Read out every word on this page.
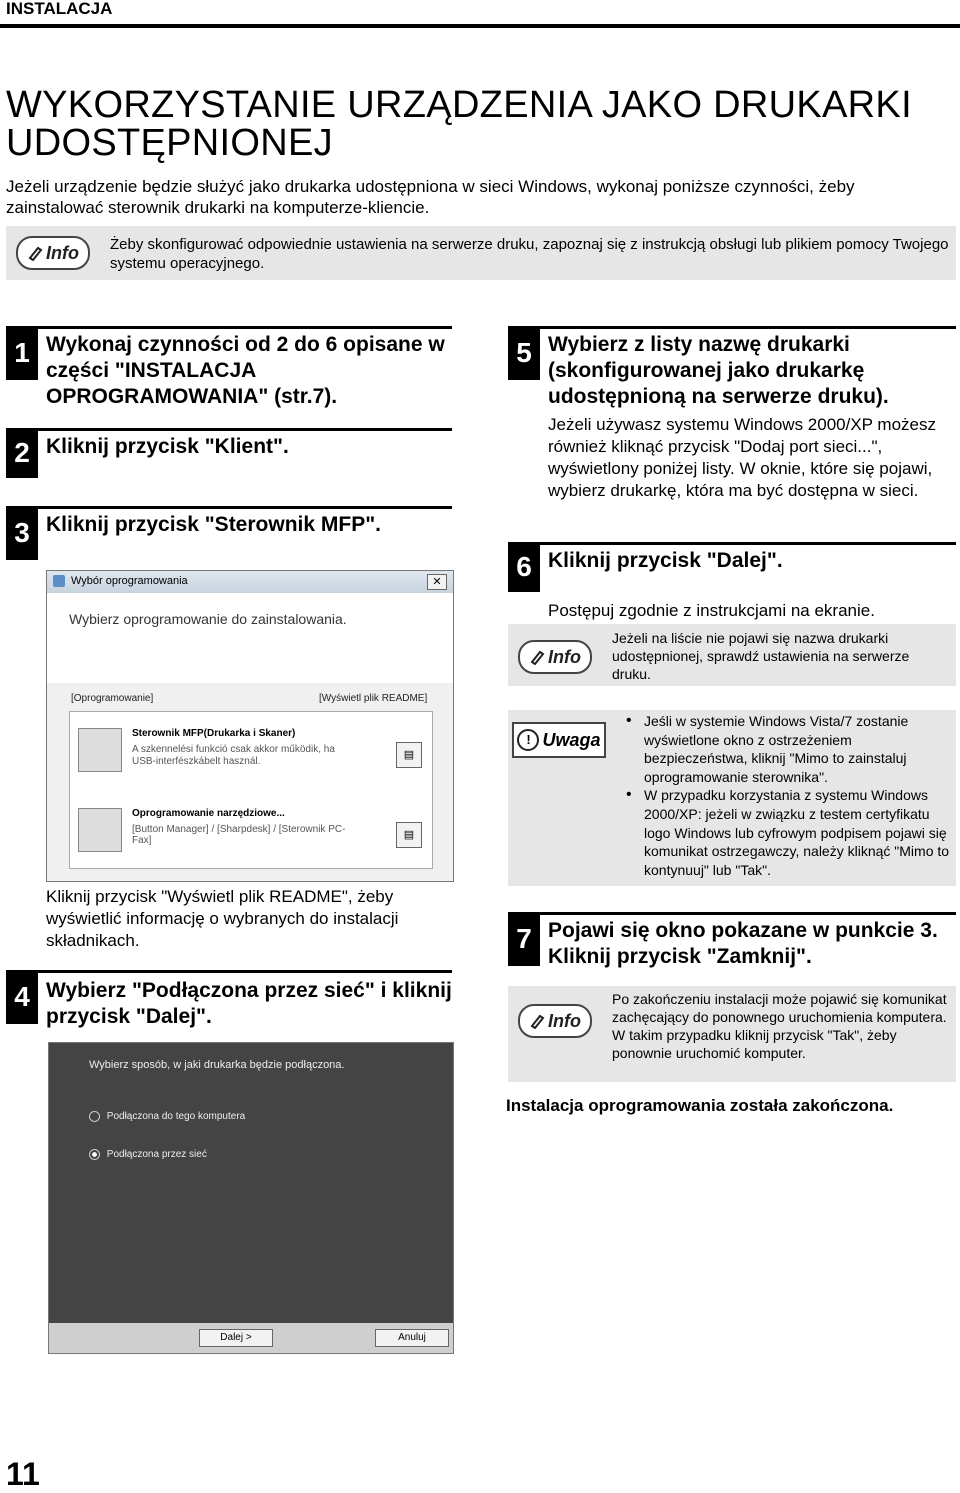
INSTALACJA
WYKORZYSTANIE URZĄDZENIA JAKO DRUKARKI UDOSTĘPNIONEJ
Jeżeli urządzenie będzie służyć jako drukarka udostępniona w sieci Windows, wykonaj poniższe czynności, żeby zainstalować sterownik drukarki na komputerze-kliencie.
Info Żeby skonfigurować odpowiednie ustawienia na serwerze druku, zapoznaj się z instrukcją obsługi lub plikiem pomocy Twojego systemu operacyjnego.
1 Wykonaj czynności od 2 do 6 opisane w części "INSTALACJA OPROGRAMOWANIA" (str.7).
2 Kliknij przycisk "Klient".
3 Kliknij przycisk "Sterownik MFP".
Wybór oprogramowania	✕
Wybierz oprogramowanie do zainstalowania.
[Oprogramowanie]	[Wyświetl plik README]
Sterownik MFP(Drukarka i Skaner)
A szkennelési funkció csak akkor működik, ha USB-interfészkábelt használ.
▤
Oprogramowanie narzędziowe...
[Button Manager] / [Sharpdesk] / [Sterownik PC-Fax]	▤
Kliknij przycisk "Wyświetl plik README", żeby wyświetlić informację o wybranych do instalacji składnikach.
4 Wybierz "Podłączona przez sieć" i kliknij przycisk "Dalej".
Wybierz sposób, w jaki drukarka będzie podłączona.
Podłączona do tego komputera
Podłączona przez sieć
Dalej >	Anuluj
5 Wybierz z listy nazwę drukarki (skonfigurowanej jako drukarkę udostępnioną na serwerze druku).
Jeżeli używasz systemu Windows 2000/XP możesz również kliknąć przycisk "Dodaj port sieci...", wyświetlony poniżej listy. W oknie, które się pojawi, wybierz drukarkę, która ma być dostępna w sieci.
6 Kliknij przycisk "Dalej".
Postępuj zgodnie z instrukcjami na ekranie.
Info
Jeżeli na liście nie pojawi się nazwa drukarki udostępnionej, sprawdź ustawienia na serwerze druku.
! Uwaga
• Jeśli w systemie Windows Vista/7 zostanie wyświetlone okno z ostrzeżeniem bezpieczeństwa, kliknij "Mimo to zainstaluj oprogramowanie sterownika".
• W przypadku korzystania z systemu Windows 2000/XP: jeżeli w związku z testem certyfikatu logo Windows lub cyfrowym podpisem pojawi się komunikat ostrzegawczy, należy kliknąć "Mimo to kontynuuj" lub "Tak".
7 Pojawi się okno pokazane w punkcie 3. Kliknij przycisk "Zamknij".
Info
Po zakończeniu instalacji może pojawić się komunikat zachęcający do ponownego uruchomienia komputera. W takim przypadku kliknij przycisk "Tak", żeby ponownie uruchomić komputer.
Instalacja oprogramowania została zakończona.
11
